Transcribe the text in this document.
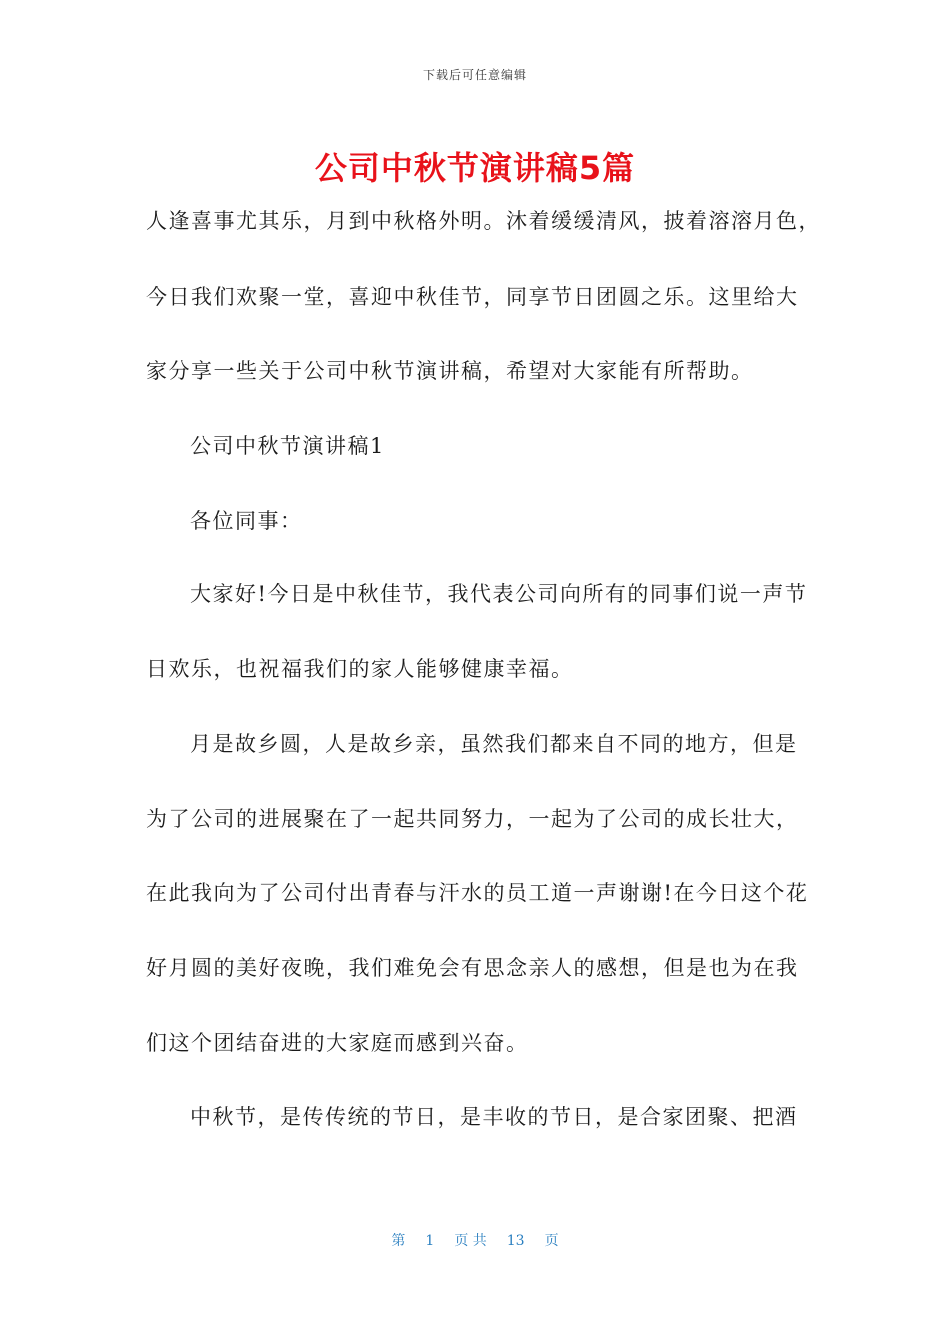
下载后可任意编辑
公司中秋节演讲稿5篇
人逢喜事尤其乐，月到中秋格外明。沐着缓缓清风，披着溶溶月色，
今日我们欢聚一堂，喜迎中秋佳节，同享节日团圆之乐。这里给大
家分享一些关于公司中秋节演讲稿，希望对大家能有所帮助。
公司中秋节演讲稿1
各位同事：
大家好!今日是中秋佳节，我代表公司向所有的同事们说一声节
日欢乐，也祝福我们的家人能够健康幸福。
月是故乡圆，人是故乡亲，虽然我们都来自不同的地方，但是
为了公司的进展聚在了一起共同努力，一起为了公司的成长壮大，
在此我向为了公司付出青春与汗水的员工道一声谢谢!在今日这个花
好月圆的美好夜晚，我们难免会有思念亲人的感想，但是也为在我
们这个团结奋进的大家庭而感到兴奋。
中秋节，是传传统的节日，是丰收的节日，是合家团聚、把酒
第 1 页 共 13 页
